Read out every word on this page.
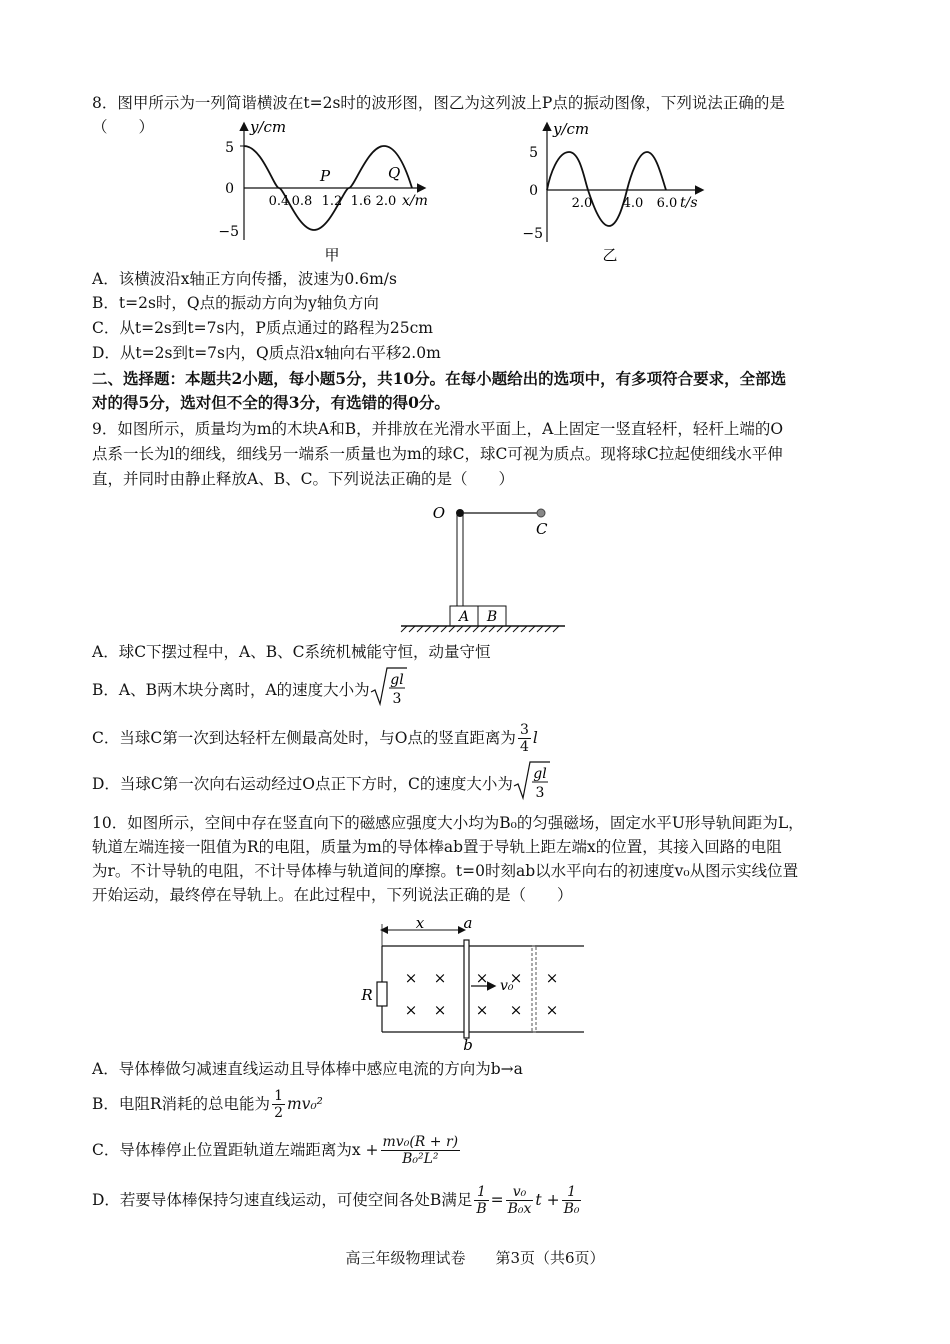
8．图甲所示为一列简谐横波在t=2s时的波形图，图乙为这列波上P点的振动图像，下列说法正确的是
（　　）
5
0
−5
y/cm
0.4 0.8 1.2 1.6 2.0 x/m
P	Q
甲
5
0
−5
y/cm
2.0 4.0 6.0 t/s
乙
A．该横波沿x轴正方向传播，波速为0.6m/s
B．t=2s时，Q点的振动方向为y轴负方向
C．从t=2s到t=7s内，P质点通过的路程为25cm
D．从t=2s到t=7s内，Q质点沿x轴向右平移2.0m
二、选择题：本题共2小题，每小题5分，共10分。在每小题给出的选项中，有多项符合要求，全部选
对的得5分，选对但不全的得3分，有选错的得0分。
9．如图所示，质量均为m的木块A和B，并排放在光滑水平面上，A上固定一竖直轻杆，轻杆上端的O
点系一长为l的细线，细线另一端系一质量也为m的球C，球C可视为质点。现将球C拉起使细线水平伸
直，并同时由静止释放A、B、C。下列说法正确的是（　　）
O
C
A B
A．球C下摆过程中，A、B、C系统机械能守恒，动量守恒
B．A、B两木块分离时，A的速度大小为
gl
3
C．当球C第一次到达轻杆左侧最高处时，与O点的竖直距离为 $\frac{3}{4}$ l
D．当球C第一次向右运动经过O点正下方时，C的速度大小为
gl
3
10．如图所示，空间中存在竖直向下的磁感应强度大小均为B₀的匀强磁场，固定水平U形导轨间距为L，
轨道左端连接一阻值为R的电阻，质量为m的导体棒ab置于导轨上距左端x的位置，其接入回路的电阻
为r。不计导轨的电阻，不计导体棒与轨道间的摩擦。t=0时刻ab以水平向右的初速度v₀从图示实线位置
开始运动，最终停在导轨上。在此过程中，下列说法正确的是（　　）
x	a
R
b
v₀
× × × × ×
× × × × ×
A．导体棒做匀减速直线运动且导体棒中感应电流的方向为b→a
B．电阻R消耗的总电能为 $\frac{1}{2} mv_0^2$
C．导体棒停止位置距轨道左端距离为$x + \frac{\text{mv₀(R + r)}}{\text{B₀²L²}}$
D．若要导体棒保持匀速直线运动，可使空间各处B满足 $\frac{1}{B} = \frac{\text{v₀}}{\text{B₀x}}$ $t + \frac{1}{\text{B₀}}$
高三年级物理试卷　　第3页（共6页）
